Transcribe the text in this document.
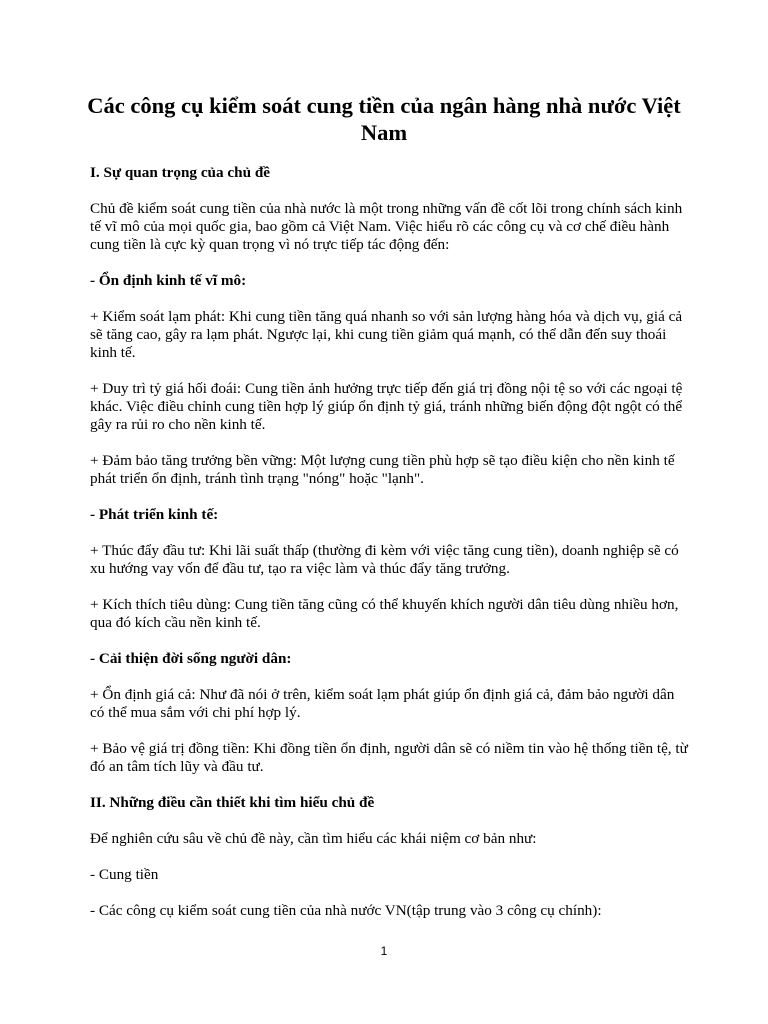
Các công cụ kiểm soát cung tiền của ngân hàng nhà nước Việt Nam

I. Sự quan trọng của chủ đề

Chủ đề kiểm soát cung tiền của nhà nước là một trong những vấn đề cốt lõi trong chính sách kinh tế vĩ mô của mọi quốc gia, bao gồm cả Việt Nam. Việc hiểu rõ các công cụ và cơ chế điều hành cung tiền là cực kỳ quan trọng vì nó trực tiếp tác động đến:

- Ổn định kinh tế vĩ mô:

+ Kiểm soát lạm phát: Khi cung tiền tăng quá nhanh so với sản lượng hàng hóa và dịch vụ, giá cả sẽ tăng cao, gây ra lạm phát. Ngược lại, khi cung tiền giảm quá mạnh, có thể dẫn đến suy thoái kinh tế.

+ Duy trì tỷ giá hối đoái: Cung tiền ảnh hưởng trực tiếp đến giá trị đồng nội tệ so với các ngoại tệ khác. Việc điều chỉnh cung tiền hợp lý giúp ổn định tỷ giá, tránh những biến động đột ngột có thể gây ra rủi ro cho nền kinh tế.

+ Đảm bảo tăng trưởng bền vững: Một lượng cung tiền phù hợp sẽ tạo điều kiện cho nền kinh tế phát triển ổn định, tránh tình trạng "nóng" hoặc "lạnh".

- Phát triển kinh tế:

+ Thúc đẩy đầu tư: Khi lãi suất thấp (thường đi kèm với việc tăng cung tiền), doanh nghiệp sẽ có xu hướng vay vốn để đầu tư, tạo ra việc làm và thúc đẩy tăng trưởng.

+ Kích thích tiêu dùng: Cung tiền tăng cũng có thể khuyến khích người dân tiêu dùng nhiều hơn, qua đó kích cầu nền kinh tế.

- Cải thiện đời sống người dân:

+ Ổn định giá cả: Như đã nói ở trên, kiểm soát lạm phát giúp ổn định giá cả, đảm bảo người dân có thể mua sắm với chi phí hợp lý.

+ Bảo vệ giá trị đồng tiền: Khi đồng tiền ổn định, người dân sẽ có niềm tin vào hệ thống tiền tệ, từ đó an tâm tích lũy và đầu tư.

II. Những điều cần thiết khi tìm hiểu chủ đề

Để nghiên cứu sâu về chủ đề này, cần tìm hiểu các khái niệm cơ bản như:

- Cung tiền

- Các công cụ kiểm soát cung tiền của nhà nước VN(tập trung vào 3 công cụ chính):

1
